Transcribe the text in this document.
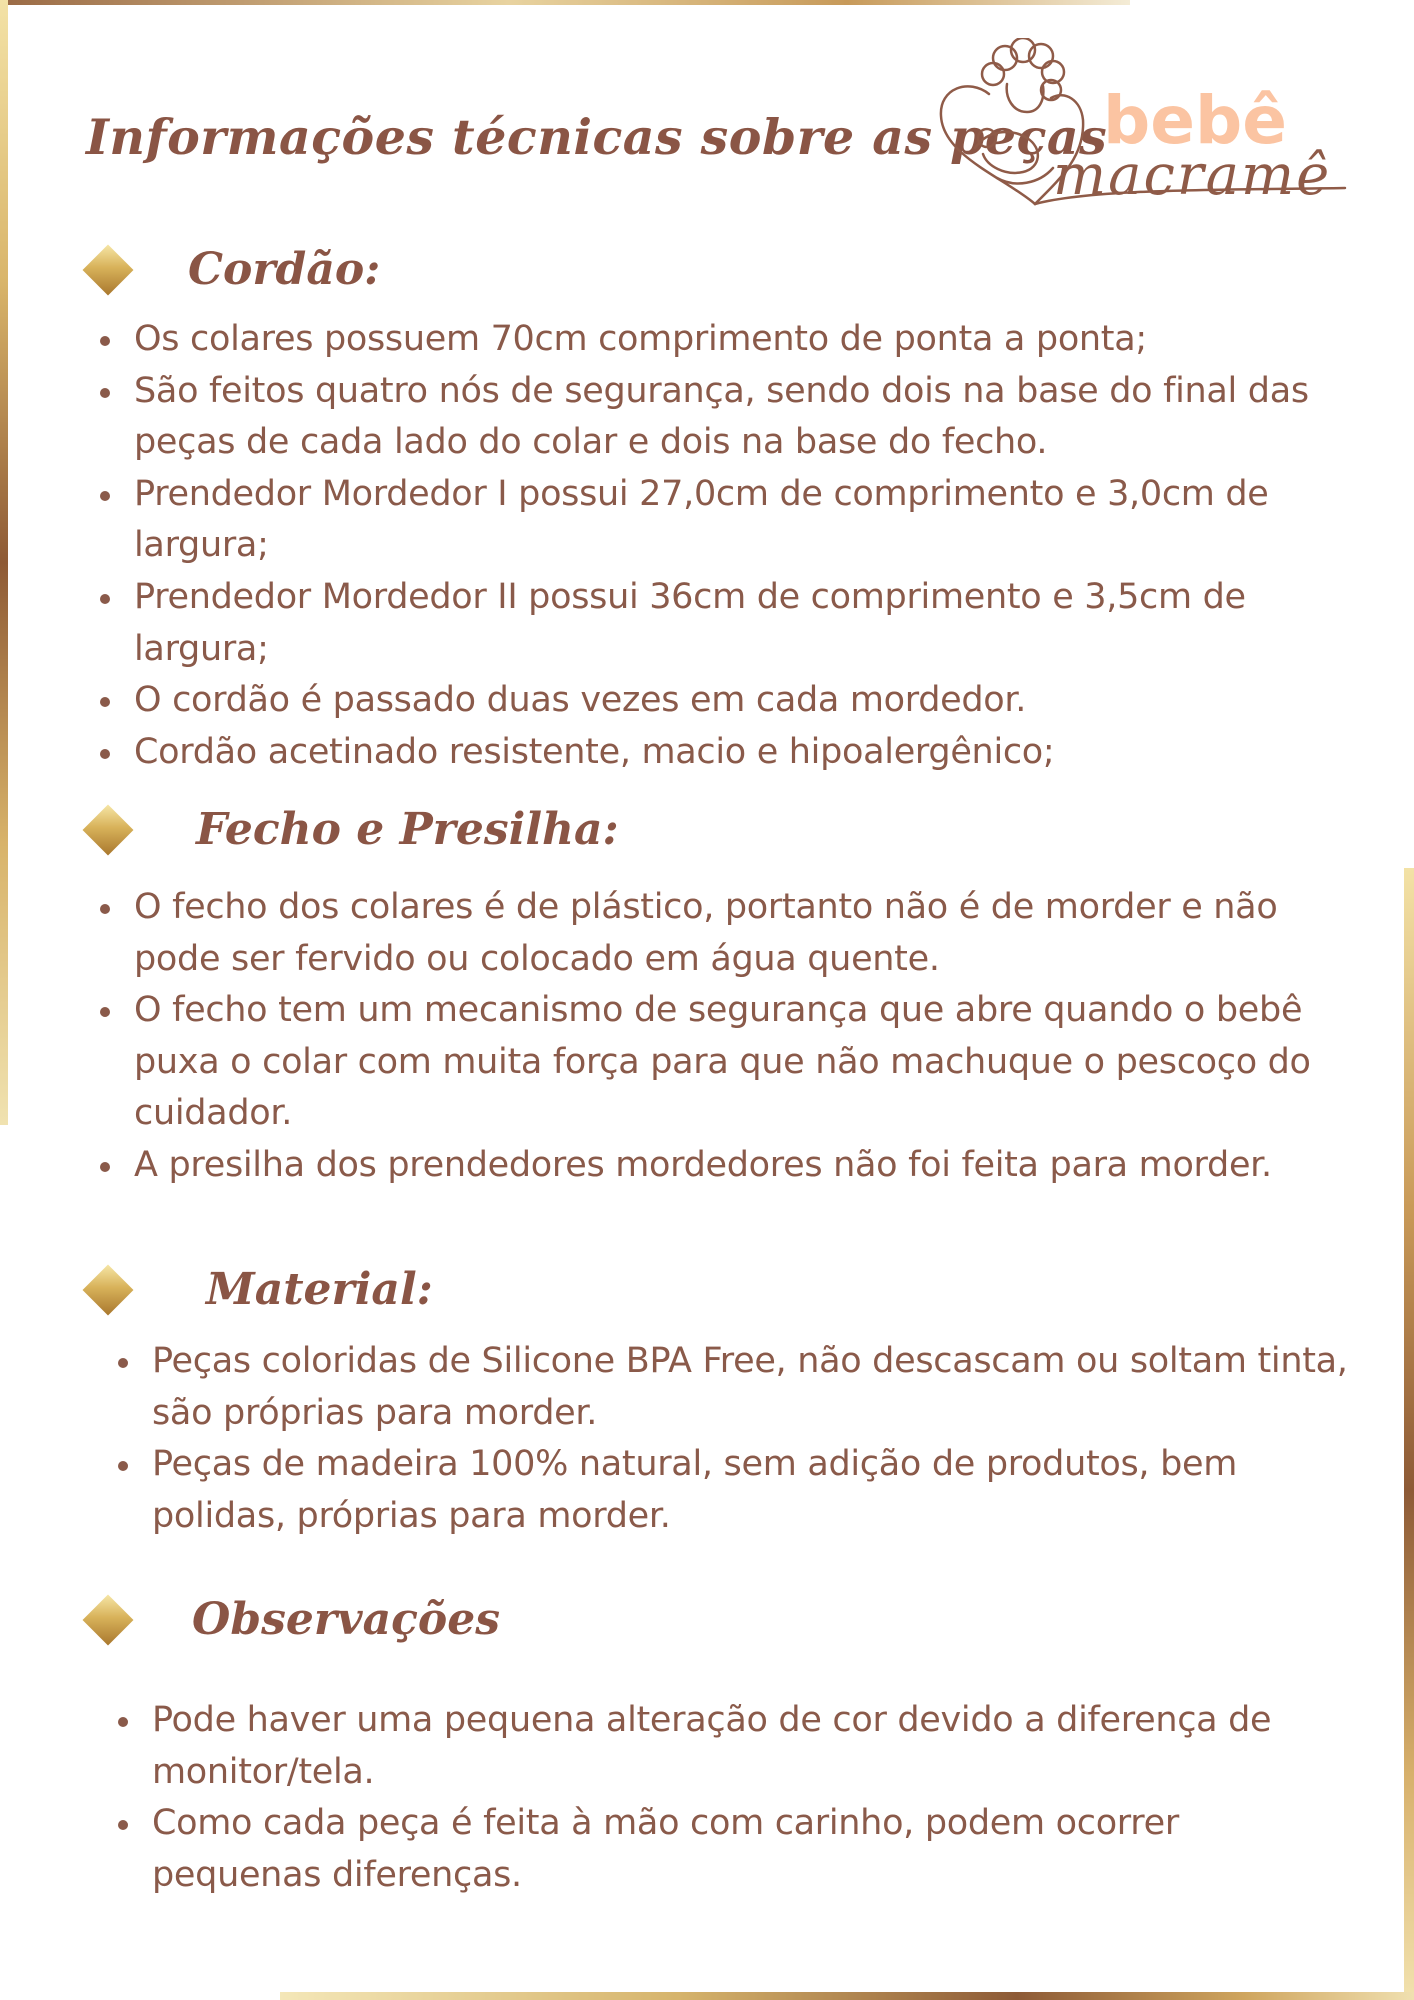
Informações técnicas sobre as peças
bebê
macramê
Cordão:
Os colares possuem 70cm comprimento de ponta a ponta;
São feitos quatro nós de segurança, sendo dois na base do final das peças de cada lado do colar e dois na base do fecho.
Prendedor Mordedor I possui 27,0cm de comprimento e 3,0cm de largura;
Prendedor Mordedor II possui 36cm de comprimento e 3,5cm de largura;
O cordão é passado duas vezes em cada mordedor.
Cordão acetinado resistente, macio e hipoalergênico;
Fecho e Presilha:
O fecho dos colares é de plástico, portanto não é de morder e não pode ser fervido ou colocado em água quente.
O fecho tem um mecanismo de segurança que abre quando o bebê puxa o colar com muita força para que não machuque o pescoço do cuidador.
A presilha dos prendedores mordedores não foi feita para morder.
Material:
Peças coloridas de Silicone BPA Free, não descascam ou soltam tinta, são próprias para morder.
Peças de madeira 100% natural, sem adição de produtos, bem polidas, próprias para morder.
Observações
Pode haver uma pequena alteração de cor devido a diferença de monitor/tela.
Como cada peça é feita à mão com carinho, podem ocorrer pequenas diferenças.
